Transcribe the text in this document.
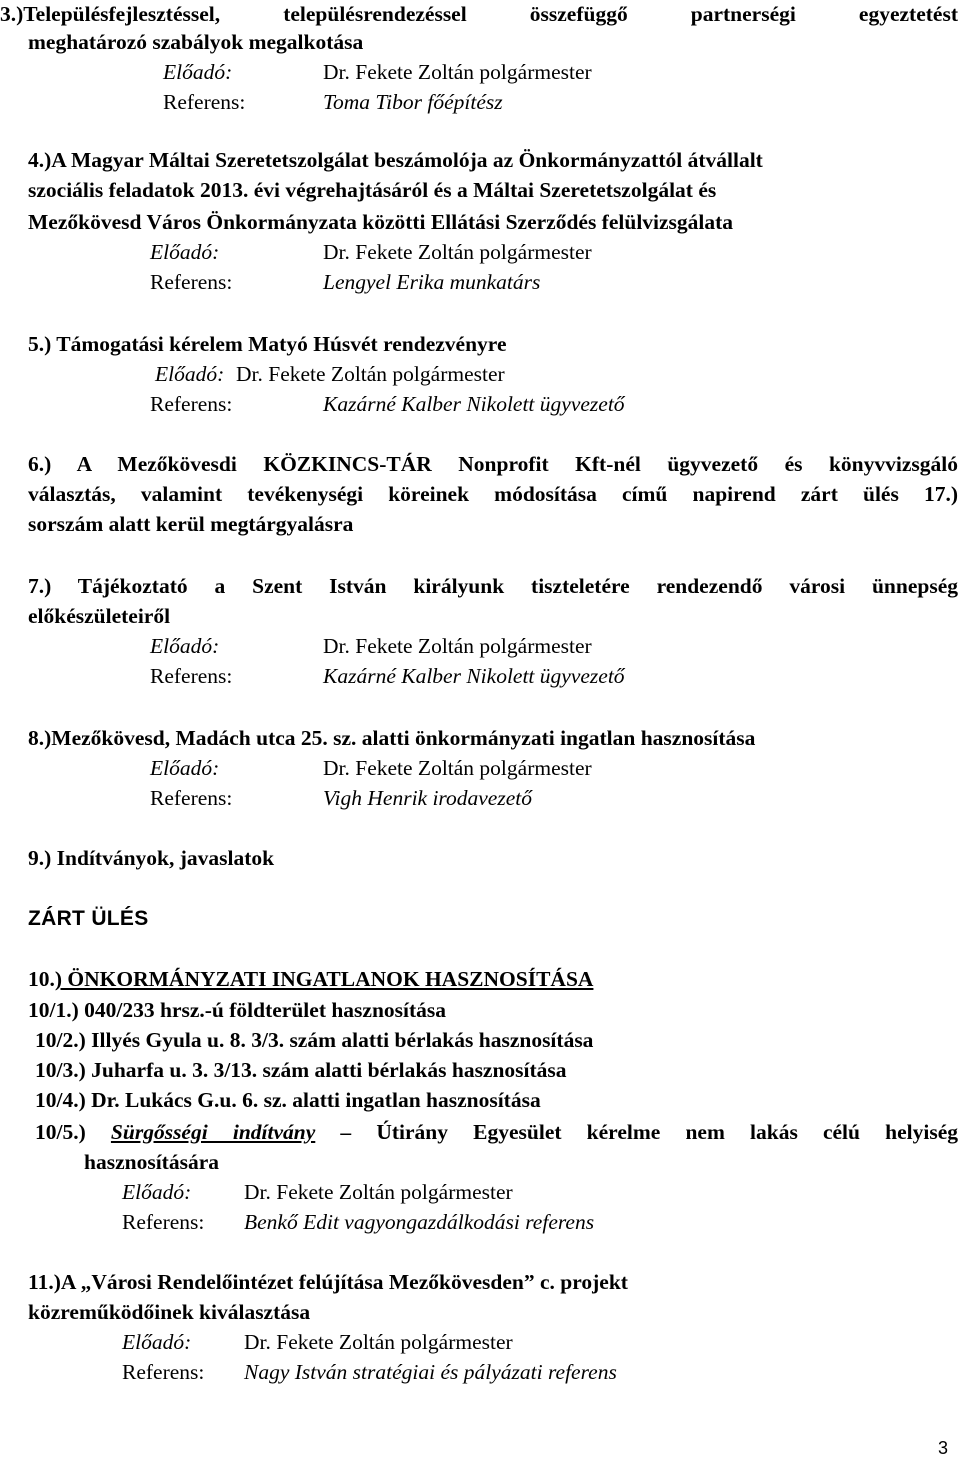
3.)Településfejlesztéssel, településrendezéssel összefüggő partnerségi egyeztetést
meghatározó szabályok megalkotása
Előadó:	Dr. Fekete Zoltán polgármester
Referens:	Toma Tibor főépítész
4.)A Magyar Máltai Szeretetszolgálat beszámolója az Önkormányzattól átvállalt
szociális feladatok 2013. évi végrehajtásáról és a Máltai Szeretetszolgálat és
Mezőkövesd Város Önkormányzata közötti Ellátási Szerződés felülvizsgálata
Előadó:	Dr. Fekete Zoltán polgármester
Referens:	Lengyel Erika munkatárs
5.) Támogatási kérelem Matyó Húsvét rendezvényre
Előadó: Dr. Fekete Zoltán polgármester
Referens:	Kazárné Kalber Nikolett ügyvezető
6.) A Mezőkövesdi KÖZKINCS-TÁR Nonprofit Kft-nél ügyvezető és könyvvizsgáló
választás, valamint tevékenységi köreinek módosítása című napirend zárt ülés 17.)
sorszám alatt kerül megtárgyalásra
7.) Tájékoztató a Szent István királyunk tiszteletére rendezendő városi ünnepség
előkészületeiről
Előadó:	Dr. Fekete Zoltán polgármester
Referens:	Kazárné Kalber Nikolett ügyvezető
8.)Mezőkövesd, Madách utca 25. sz. alatti önkormányzati ingatlan hasznosítása
Előadó:	Dr. Fekete Zoltán polgármester
Referens:	Vigh Henrik irodavezető
9.) Indítványok, javaslatok
ZÁRT ÜLÉS
10.) ÖNKORMÁNYZATI INGATLANOK HASZNOSÍTÁSA
10/1.) 040/233 hrsz.-ú földterület hasznosítása
10/2.) Illyés Gyula u. 8. 3/3. szám alatti bérlakás hasznosítása
10/3.) Juharfa u. 3. 3/13. szám alatti bérlakás hasznosítása
10/4.) Dr. Lukács G.u. 6. sz. alatti ingatlan hasznosítása
10/5.) Sürgősségi indítvány – Útirány Egyesület kérelme nem lakás célú helyiség
hasznosítására
Előadó: Dr. Fekete Zoltán polgármester
Referens: Benkő Edit vagyongazdálkodási referens
11.)A „Városi Rendelőintézet felújítása Mezőkövesden” c. projekt
közreműködőinek kiválasztása
Előadó: Dr. Fekete Zoltán polgármester
Referens: Nagy István stratégiai és pályázati referens
3
